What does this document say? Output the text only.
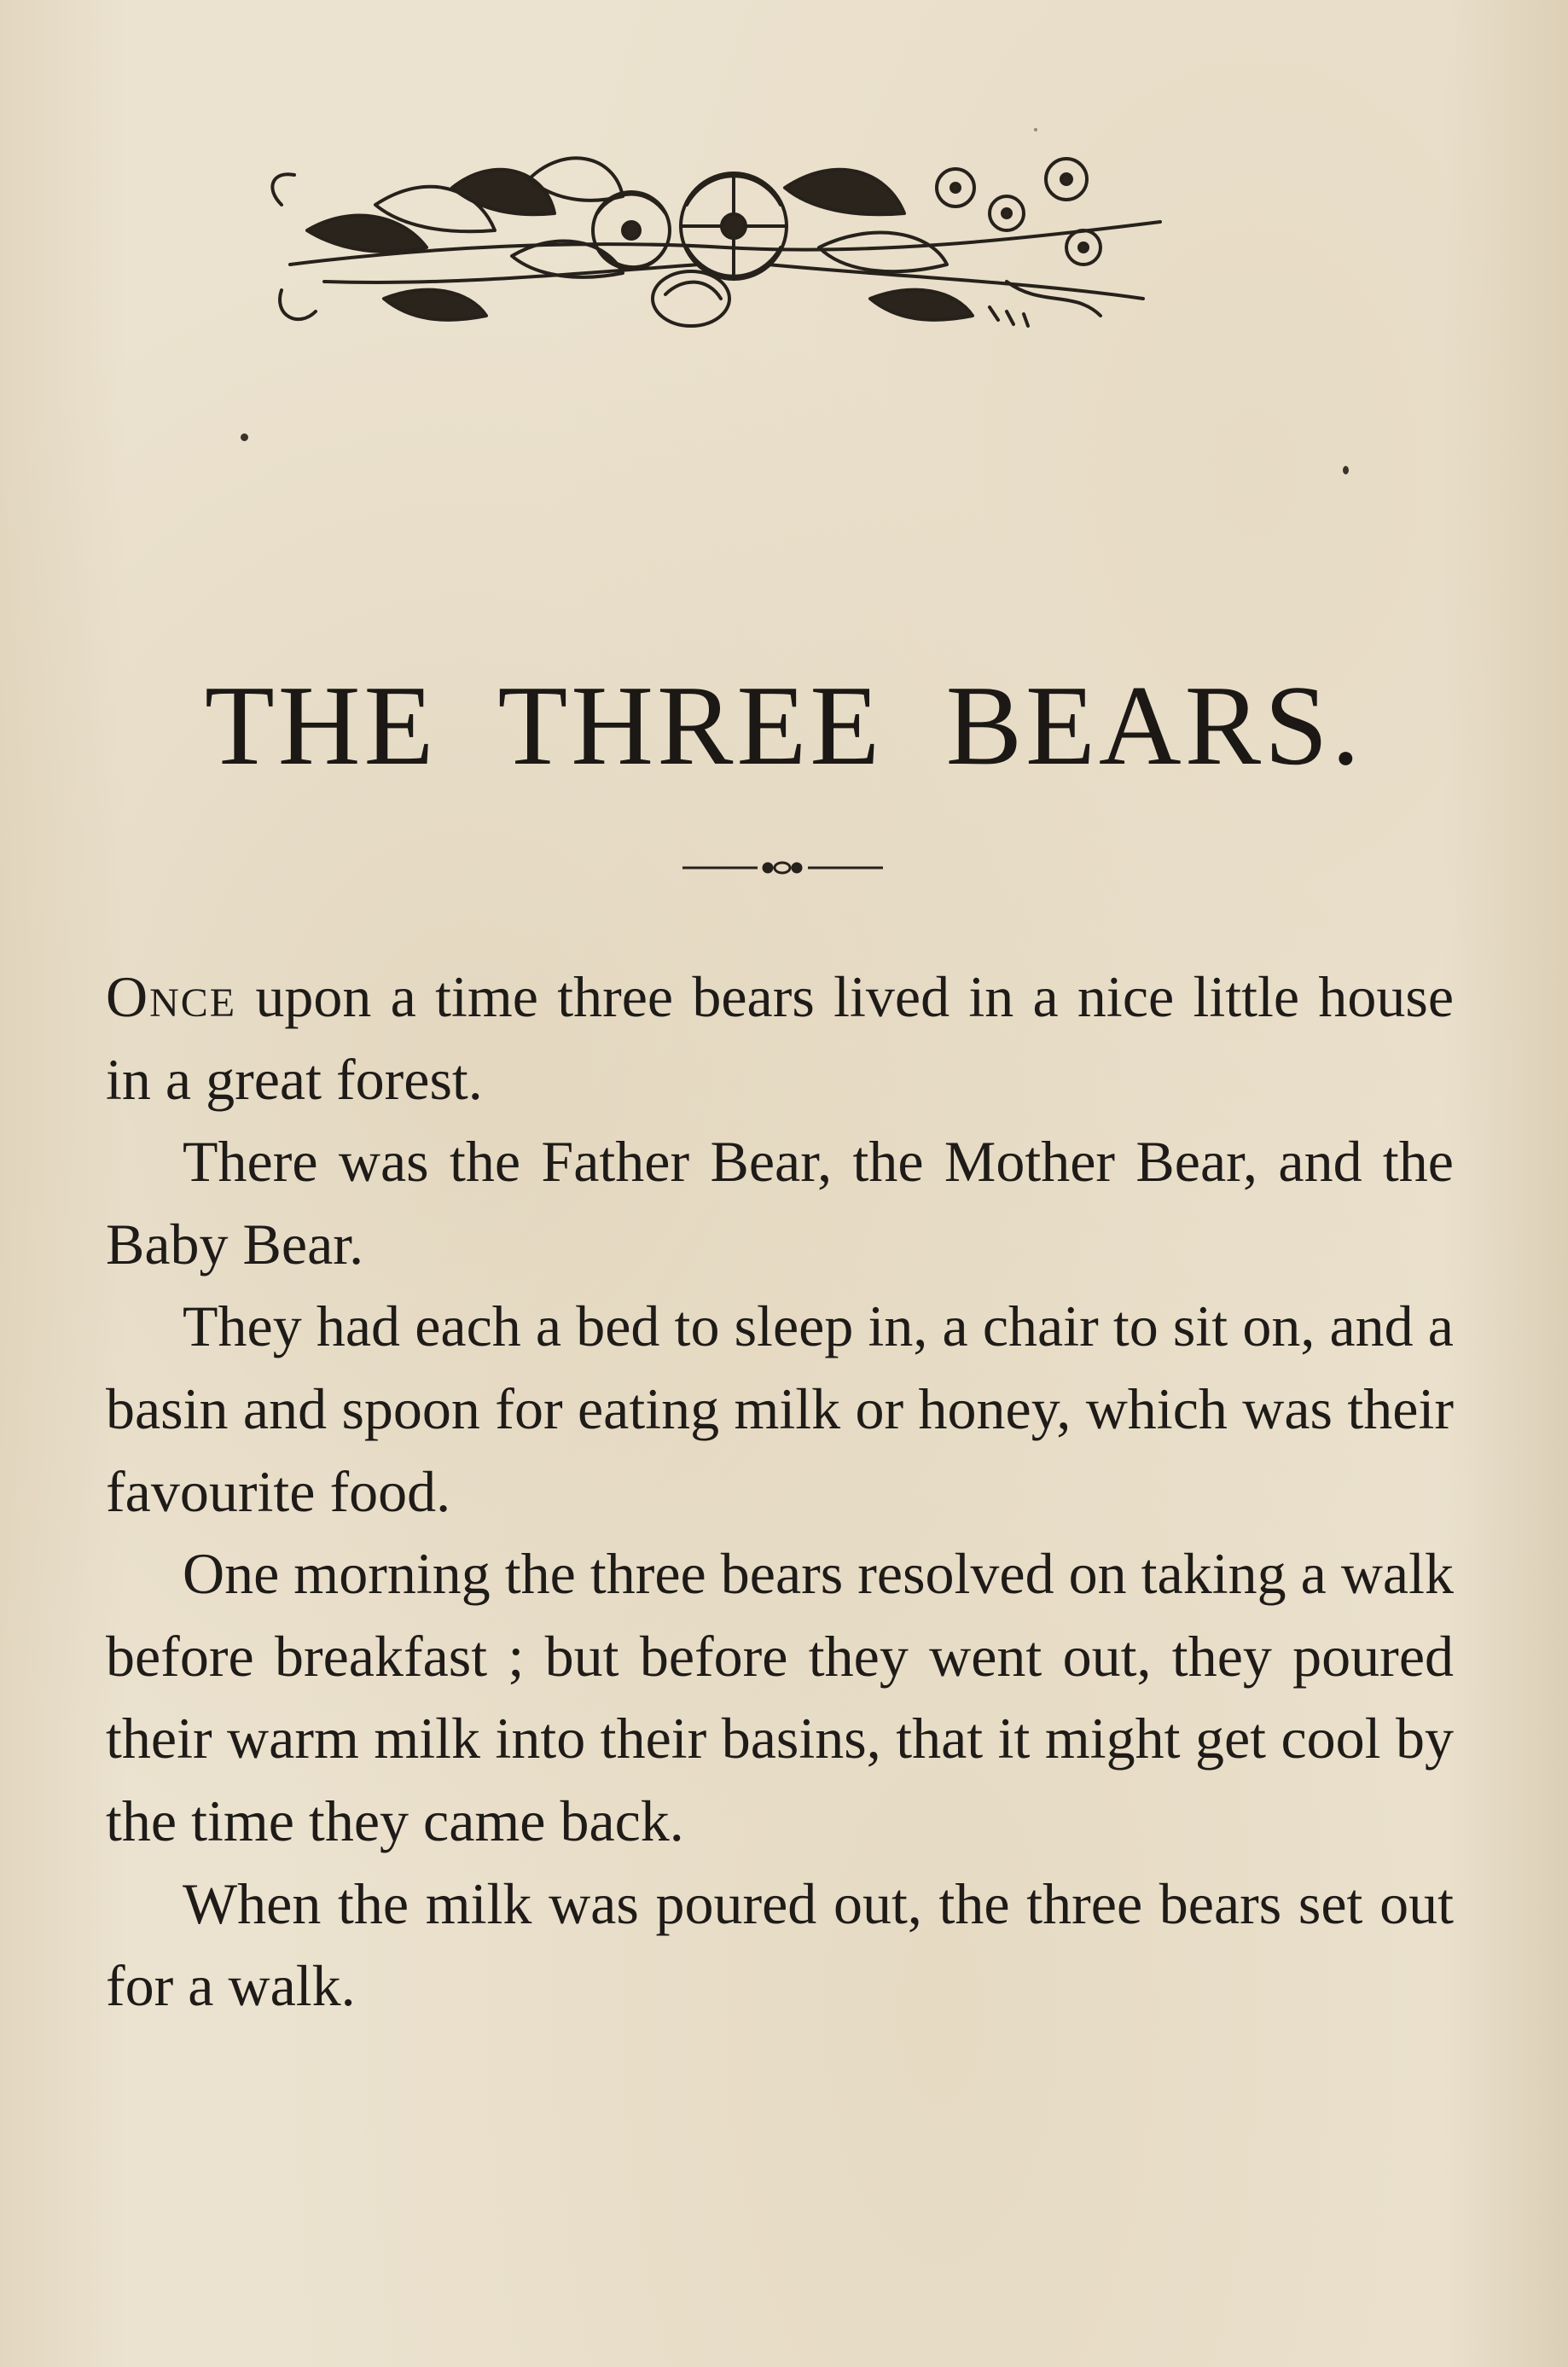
THE THREE BEARS.

Once upon a time three bears lived in a nice little house in a great forest.

There was the Father Bear, the Mother Bear, and the Baby Bear.

They had each a bed to sleep in, a chair to sit on, and a basin and spoon for eating milk or honey, which was their favourite food.

One morning the three bears resolved on taking a walk before breakfast ; but before they went out, they poured their warm milk into their basins, that it might get cool by the time they came back.

When the milk was poured out, the three bears set out for a walk.
